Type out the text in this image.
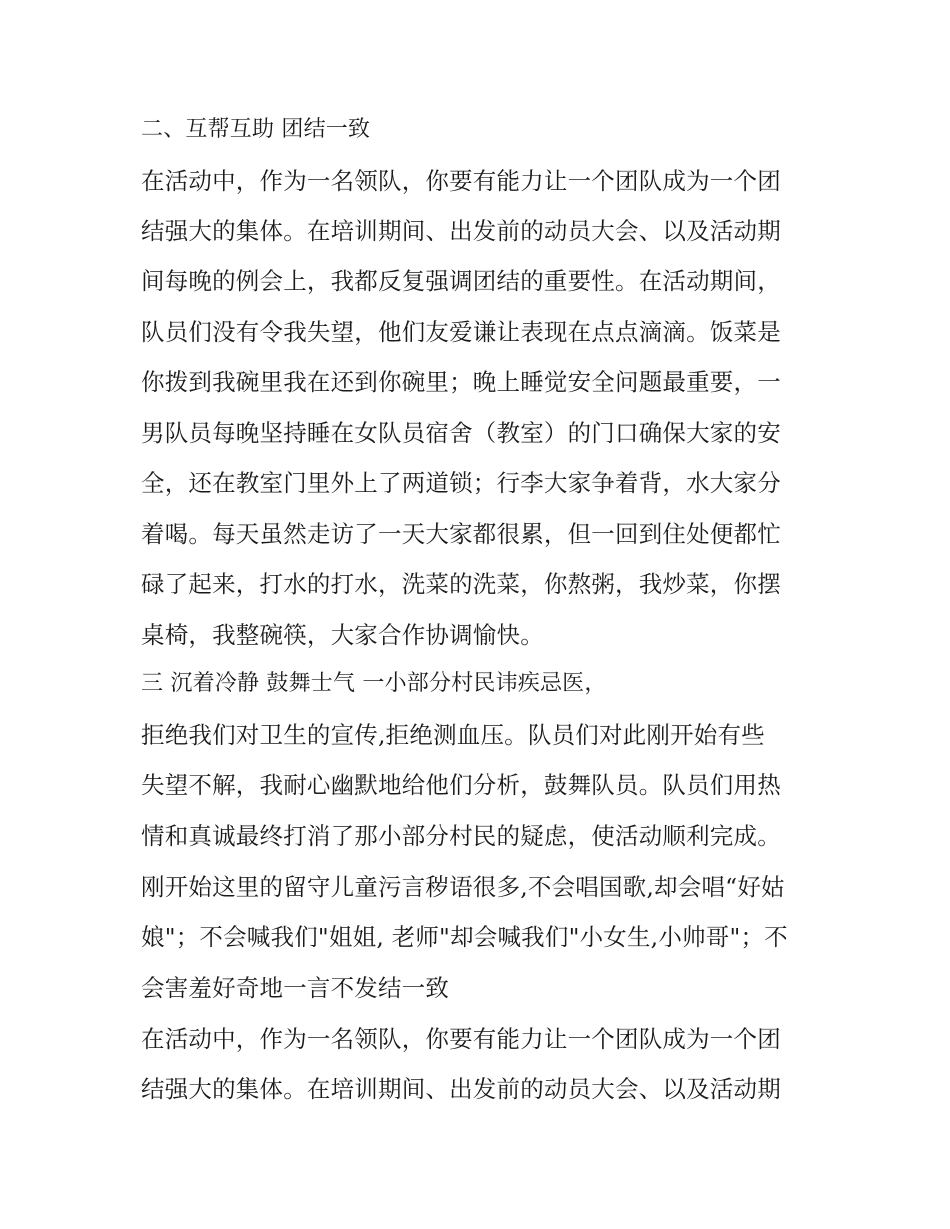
二、互帮互助 团结一致

在活动中，作为一名领队，你要有能力让一个团队成为一个团

结强大的集体。在培训期间、出发前的动员大会、以及活动期

间每晚的例会上，我都反复强调团结的重要性。在活动期间，

队员们没有令我失望，他们友爱谦让表现在点点滴滴。饭菜是

你拨到我碗里我在还到你碗里；晚上睡觉安全问题最重要，一

男队员每晚坚持睡在女队员宿舍（教室）的门口确保大家的安

全，还在教室门里外上了两道锁；行李大家争着背，水大家分

着喝。每天虽然走访了一天大家都很累，但一回到住处便都忙

碌了起来，打水的打水，洗菜的洗菜，你熬粥，我炒菜，你摆

桌椅，我整碗筷，大家合作协调愉快。

三 沉着冷静 鼓舞士气 一小部分村民讳疾忌医，

拒绝我们对卫生的宣传,拒绝测血压。队员们对此刚开始有些

失望不解，我耐心幽默地给他们分析，鼓舞队员。队员们用热

情和真诚最终打消了那小部分村民的疑虑，使活动顺利完成。

刚开始这里的留守儿童污言秽语很多,不会唱国歌,却会唱“好姑

娘"；不会喊我们"姐姐, 老师"却会喊我们"小女生,小帅哥"；不

会害羞好奇地一言不发结一致

在活动中，作为一名领队，你要有能力让一个团队成为一个团

结强大的集体。在培训期间、出发前的动员大会、以及活动期
